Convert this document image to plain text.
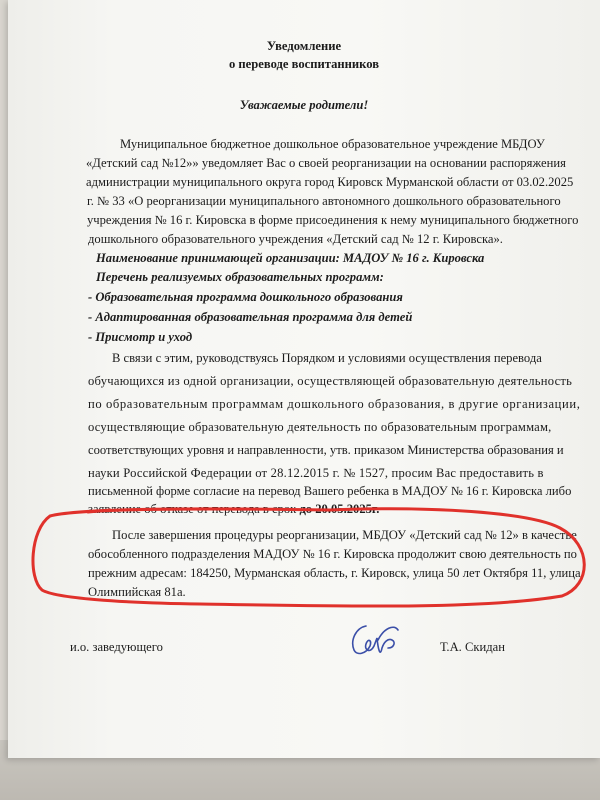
Уведомление
о переводе воспитанников
Уважаемые родители!
Муниципальное бюджетное дошкольное образовательное учреждение МБДОУ
«Детский сад №12»» уведомляет Вас о своей реорганизации на основании распоряжения
администрации муниципального округа город Кировск Мурманской области от 03.02.2025
г. № 33 «О реорганизации муниципального автономного дошкольного образовательного
учреждения № 16 г. Кировска в форме присоединения к нему муниципального бюджетного
дошкольного образовательного учреждения «Детский сад № 12 г. Кировска».
Наименование принимающей организации: МАДОУ № 16 г. Кировска
Перечень реализуемых образовательных программ:
- Образовательная программа дошкольного образования
- Адаптированная образовательная программа для детей
- Присмотр и уход
В связи с этим, руководствуясь Порядком и условиями осуществления перевода
обучающихся из одной организации, осуществляющей образовательную деятельность
по образовательным программам дошкольного образования, в другие организации,
осуществляющие образовательную деятельность по образовательным программам,
соответствующих уровня и направленности, утв. приказом Министерства образования и
науки Российской Федерации от 28.12.2015 г. № 1527, просим Вас предоставить в
письменной форме согласие на перевод Вашего ребенка в МАДОУ № 16 г. Кировска либо
заявление об отказе от перевода в срок до 20.05.2025г.
После завершения процедуры реорганизации, МБДОУ «Детский сад № 12» в качестве
обособленного подразделения МАДОУ № 16 г. Кировска продолжит свою деятельность по
прежним адресам: 184250, Мурманская область, г. Кировск, улица 50 лет Октября 11, улица
Олимпийская 81а.
и.о. заведующего	Т.А. Скидан
